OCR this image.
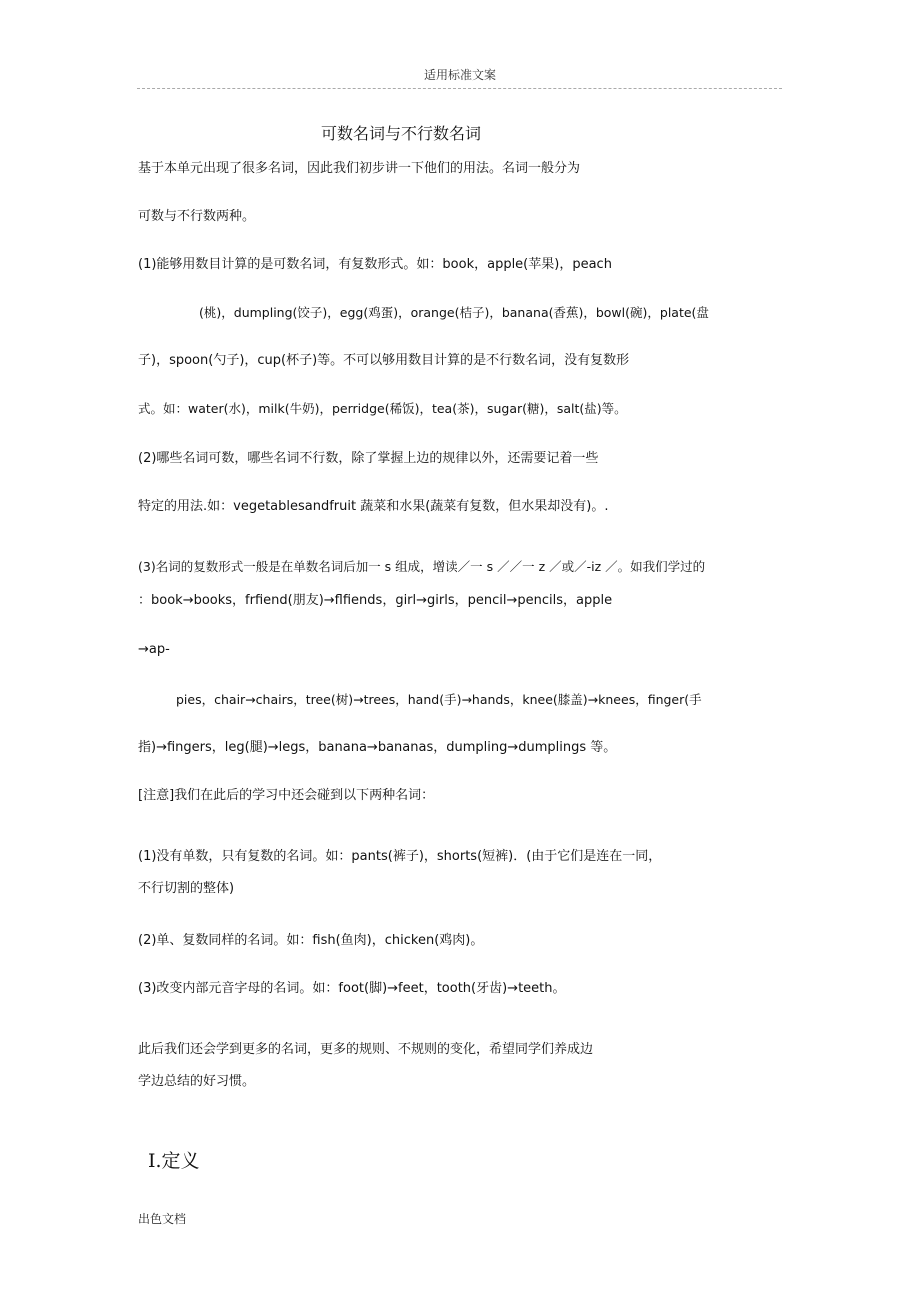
适用标准文案
可数名词与不行数名词
基于本单元出现了很多名词，因此我们初步讲一下他们的用法。名词一般分为
可数与不行数两种。
(1)能够用数目计算的是可数名词，有复数形式。如：book，apple(苹果)，peach
(桃)，dumpling(饺子)，egg(鸡蛋)，orange(桔子)，banana(香蕉)，bowl(碗)，plate(盘
子)，spoon(勺子)，cup(杯子)等。不可以够用数目计算的是不行数名词，没有复数形
式。如：water(水)，milk(牛奶)，perridge(稀饭)，tea(茶)，sugar(糖)，salt(盐)等。
(2)哪些名词可数，哪些名词不行数，除了掌握上边的规律以外，还需要记着一些
特定的用法.如：vegetablesandfruit 蔬菜和水果(蔬菜有复数，但水果却没有)。.
(3)名词的复数形式一般是在单数名词后加一 s 组成，增读／一 s ／／一 z ／或／-iz ／。如我们学过的
：book→books，frfiend(朋友)→flfiends，girl→girls，pencil→pencils，apple
→ap-
pies，chair→chairs，tree(树)→trees，hand(手)→hands，knee(膝盖)→knees，finger(手
指)→fingers，leg(腿)→legs，banana→bananas，dumpling→dumplings 等。
[注意]我们在此后的学习中还会碰到以下两种名词：
(1)没有单数，只有复数的名词。如：pants(裤子)，shorts(短裤)．(由于它们是连在一同，
不行切割的整体)
(2)单、复数同样的名词。如：fish(鱼肉)，chicken(鸡肉)。
(3)改变内部元音字母的名词。如：foot(脚)→feet，tooth(牙齿)→teeth。
此后我们还会学到更多的名词，更多的规则、不规则的变化，希望同学们养成边
学边总结的好习惯。
Ⅰ.定义
出色文档
